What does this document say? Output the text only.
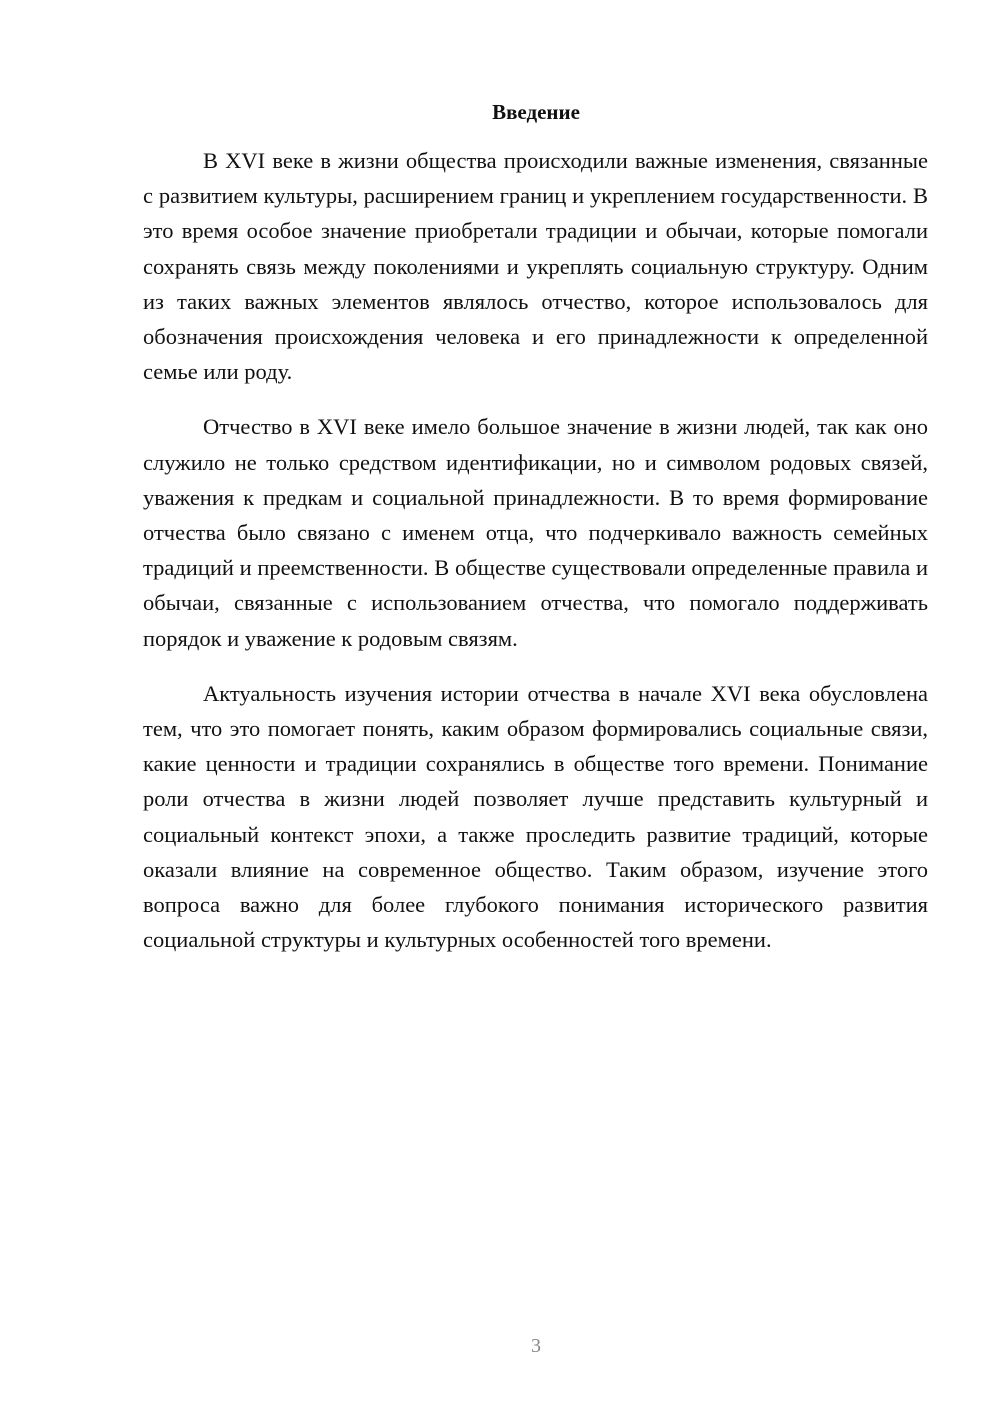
Введение

В XVI веке в жизни общества происходили важные изменения, связанные с развитием культуры, расширением границ и укреплением государственности. В это время особое значение приобретали традиции и обычаи, которые помогали сохранять связь между поколениями и укреплять социальную структуру. Одним из таких важных элементов являлось отчество, которое использовалось для обозначения происхождения человека и его принадлежности к определенной семье или роду.

Отчество в XVI веке имело большое значение в жизни людей, так как оно служило не только средством идентификации, но и символом родовых связей, уважения к предкам и социальной принадлежности. В то время формирование отчества было связано с именем отца, что подчеркивало важность семейных традиций и преемственности. В обществе существовали определенные правила и обычаи, связанные с использованием отчества, что помогало поддерживать порядок и уважение к родовым связям.

Актуальность изучения истории отчества в начале XVI века обусловлена тем, что это помогает понять, каким образом формировались социальные связи, какие ценности и традиции сохранялись в обществе того времени. Понимание роли отчества в жизни людей позволяет лучше представить культурный и социальный контекст эпохи, а также проследить развитие традиций, которые оказали влияние на современное общество. Таким образом, изучение этого вопроса важно для более глубокого понимания исторического развития социальной структуры и культурных особенностей того времени.

3
